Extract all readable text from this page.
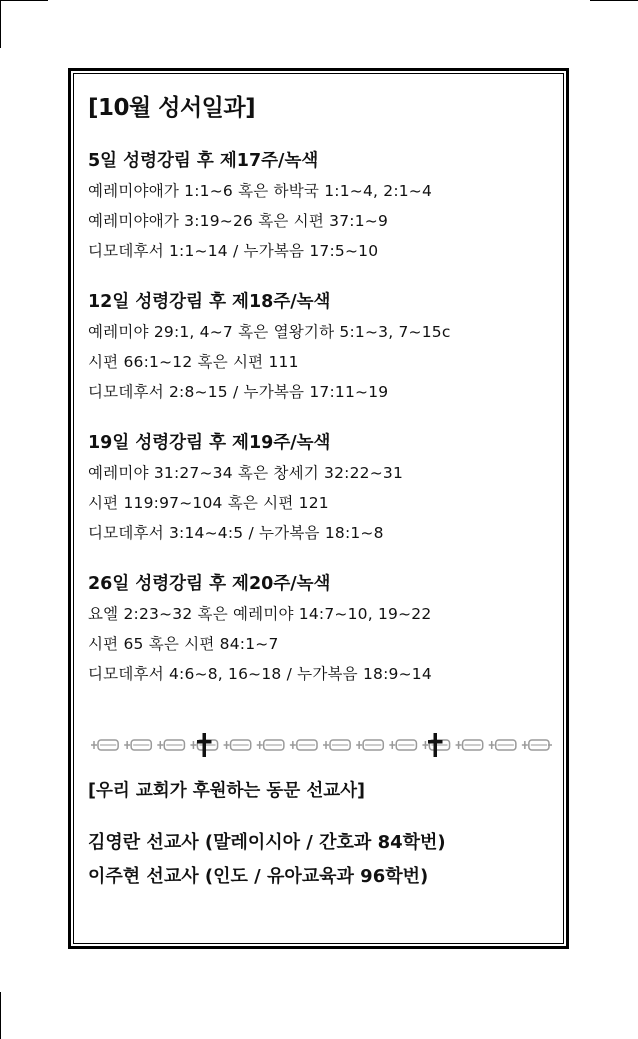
[10월 성서일과]
5일 성령강림 후 제17주/녹색
예레미야애가 1:1~6 혹은 하박국 1:1~4, 2:1~4
예레미야애가 3:19~26 혹은 시편 37:1~9
디모데후서 1:1~14 / 누가복음 17:5~10
12일 성령강림 후 제18주/녹색
예레미야 29:1, 4~7 혹은 열왕기하 5:1~3, 7~15c
시편 66:1~12 혹은 시편 111
디모데후서 2:8~15 / 누가복음 17:11~19
19일 성령강림 후 제19주/녹색
예레미야 31:27~34 혹은 창세기 32:22~31
시편 119:97~104 혹은 시편 121
디모데후서 3:14~4:5 / 누가복음 18:1~8
26일 성령강림 후 제20주/녹색
요엘 2:23~32 혹은 예레미야 14:7~10, 19~22
시편 65 혹은 시편 84:1~7
디모데후서 4:6~8, 16~18 / 누가복음 18:9~14
[우리 교회가 후원하는 동문 선교사]
김영란 선교사 (말레이시아 / 간호과 84학번)
이주현 선교사 (인도 / 유아교육과 96학번)
